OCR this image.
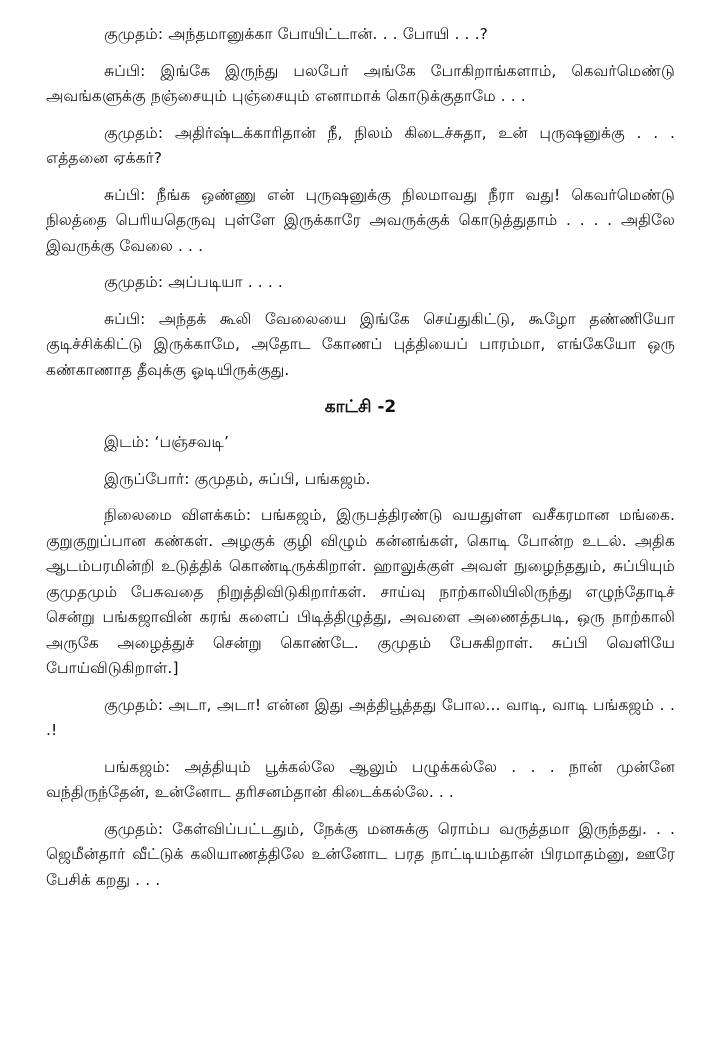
குமுதம்: அந்தமானுக்கா போயிட்டான். . . போயி . . .?

சுப்பி: இங்கே இருந்து பலபேர் அங்கே போகிறாங்களாம், கெவர்மெண்டு அவங்களுக்கு நஞ்சையும் புஞ்சையும் எனாமாக் கொடுக்குதாமே . . .

குமுதம்: அதிர்ஷ்டக்காரிதான் நீ, நிலம் கிடைச்சுதா, உன் புருஷனுக்கு . . . எத்தனை ஏக்கர்?

சுப்பி: நீங்க ஒண்ணு என் புருஷனுக்கு நிலமாவது நீரா வது! கெவர்மெண்டு நிலத்தை பெரியதெருவு புள்ளே இருக்காரே அவருக்குக் கொடுத்துதாம் . . . . அதிலே இவருக்கு வேலை . . .

குமுதம்: அப்படியா . . . .

சுப்பி: அந்தக் கூலி வேலையை இங்கே செய்துகிட்டு, கூழோ தண்ணியோ குடிச்சிக்கிட்டு இருக்காமே, அதோட கோணப் புத்தியைப் பாரம்மா, எங்கேயோ ஒரு கண்காணாத தீவுக்கு ஓடியிருக்குது.

காட்சி -2

இடம்: ‘பஞ்சவடி’

இருப்போர்: குமுதம், சுப்பி, பங்கஜம்.

நிலைமை விளக்கம்: பங்கஜம், இருபத்திரண்டு வயதுள்ள வசீகரமான மங்கை. குறுகுறுப்பான கண்கள். அழகுக் குழி விழும் கன்னங்கள், கொடி போன்ற உடல். அதிக ஆடம்பரமின்றி உடுத்திக் கொண்டிருக்கிறாள். ஹாலுக்குள் அவள் நுழைந்ததும், சுப்பியும் குமுதமும் பேசுவதை நிறுத்திவிடுகிறார்கள். சாய்வு நாற்காலியிலிருந்து எழுந்தோடிச் சென்று பங்கஜாவின் கரங் களைப் பிடித்திழுத்து, அவளை அணைத்தபடி, ஒரு நாற்காலி அருகே அழைத்துச் சென்று கொண்டே. குமுதம் பேசுகிறாள். சுப்பி வெளியே போய்விடுகிறாள்.]

குமுதம்: அடா, அடா! என்ன இது அத்திபூத்தது போல... வாடி, வாடி பங்கஜம் . . .!

பங்கஜம்: அத்தியும் பூக்கல்லே ஆலும் பழுக்கல்லே . . . நான் முன்னே வந்திருந்தேன், உன்னோட தரிசனம்தான் கிடைக்கல்லே. . .

குமுதம்: கேள்விப்பட்டதும், நேக்கு மனசுக்கு ரொம்ப வருத்தமா இருந்தது. . . ஜெமீன்தார் வீட்டுக் கலியாணத்திலே உன்னோட பரத நாட்டியம்தான் பிரமாதம்னு, ஊரே பேசிக் கறது . . .
